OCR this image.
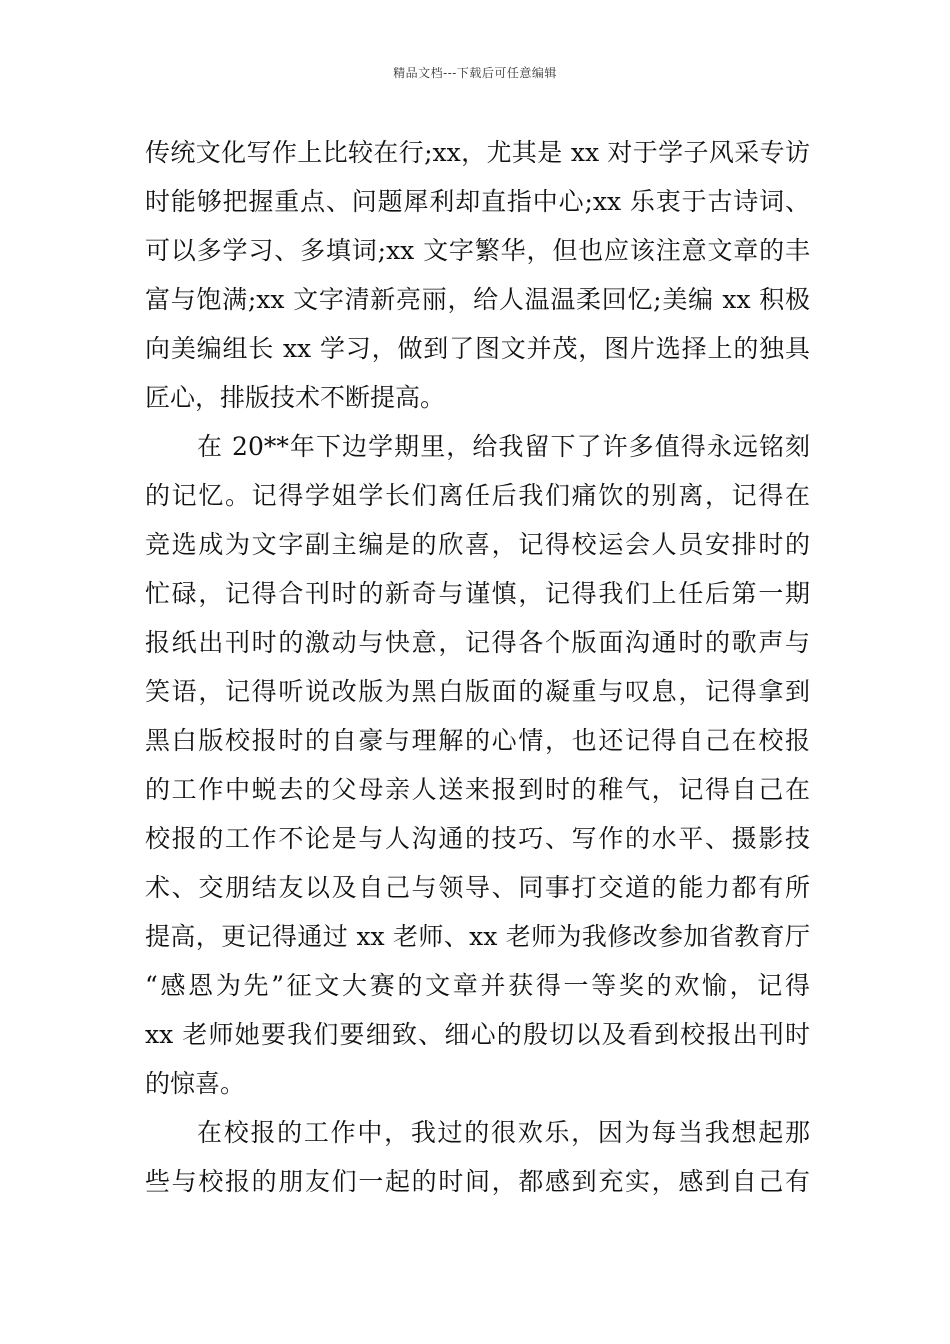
精品文档---下载后可任意编辑

传统文化写作上比较在行;xx，尤其是 xx 对于学子风采专访
时能够把握重点、问题犀利却直指中心;xx 乐衷于古诗词、
可以多学习、多填词;xx 文字繁华，但也应该注意文章的丰
富与饱满;xx 文字清新亮丽，给人温温柔回忆;美编 xx 积极
向美编组长 xx 学习，做到了图文并茂，图片选择上的独具
匠心，排版技术不断提高。

在 20**年下边学期里，给我留下了许多值得永远铭刻
的记忆。记得学姐学长们离任后我们痛饮的别离，记得在
竞选成为文字副主编是的欣喜，记得校运会人员安排时的
忙碌，记得合刊时的新奇与谨慎，记得我们上任后第一期
报纸出刊时的激动与快意，记得各个版面沟通时的歌声与
笑语，记得听说改版为黑白版面的凝重与叹息，记得拿到
黑白版校报时的自豪与理解的心情，也还记得自己在校报
的工作中蜕去的父母亲人送来报到时的稚气，记得自己在
校报的工作不论是与人沟通的技巧、写作的水平、摄影技
术、交朋结友以及自己与领导、同事打交道的能力都有所
提高，更记得通过 xx 老师、xx 老师为我修改参加省教育厅
“感恩为先”征文大赛的文章并获得一等奖的欢愉，记得
xx 老师她要我们要细致、细心的殷切以及看到校报出刊时
的惊喜。

在校报的工作中，我过的很欢乐，因为每当我想起那
些与校报的朋友们一起的时间，都感到充实，感到自己有
